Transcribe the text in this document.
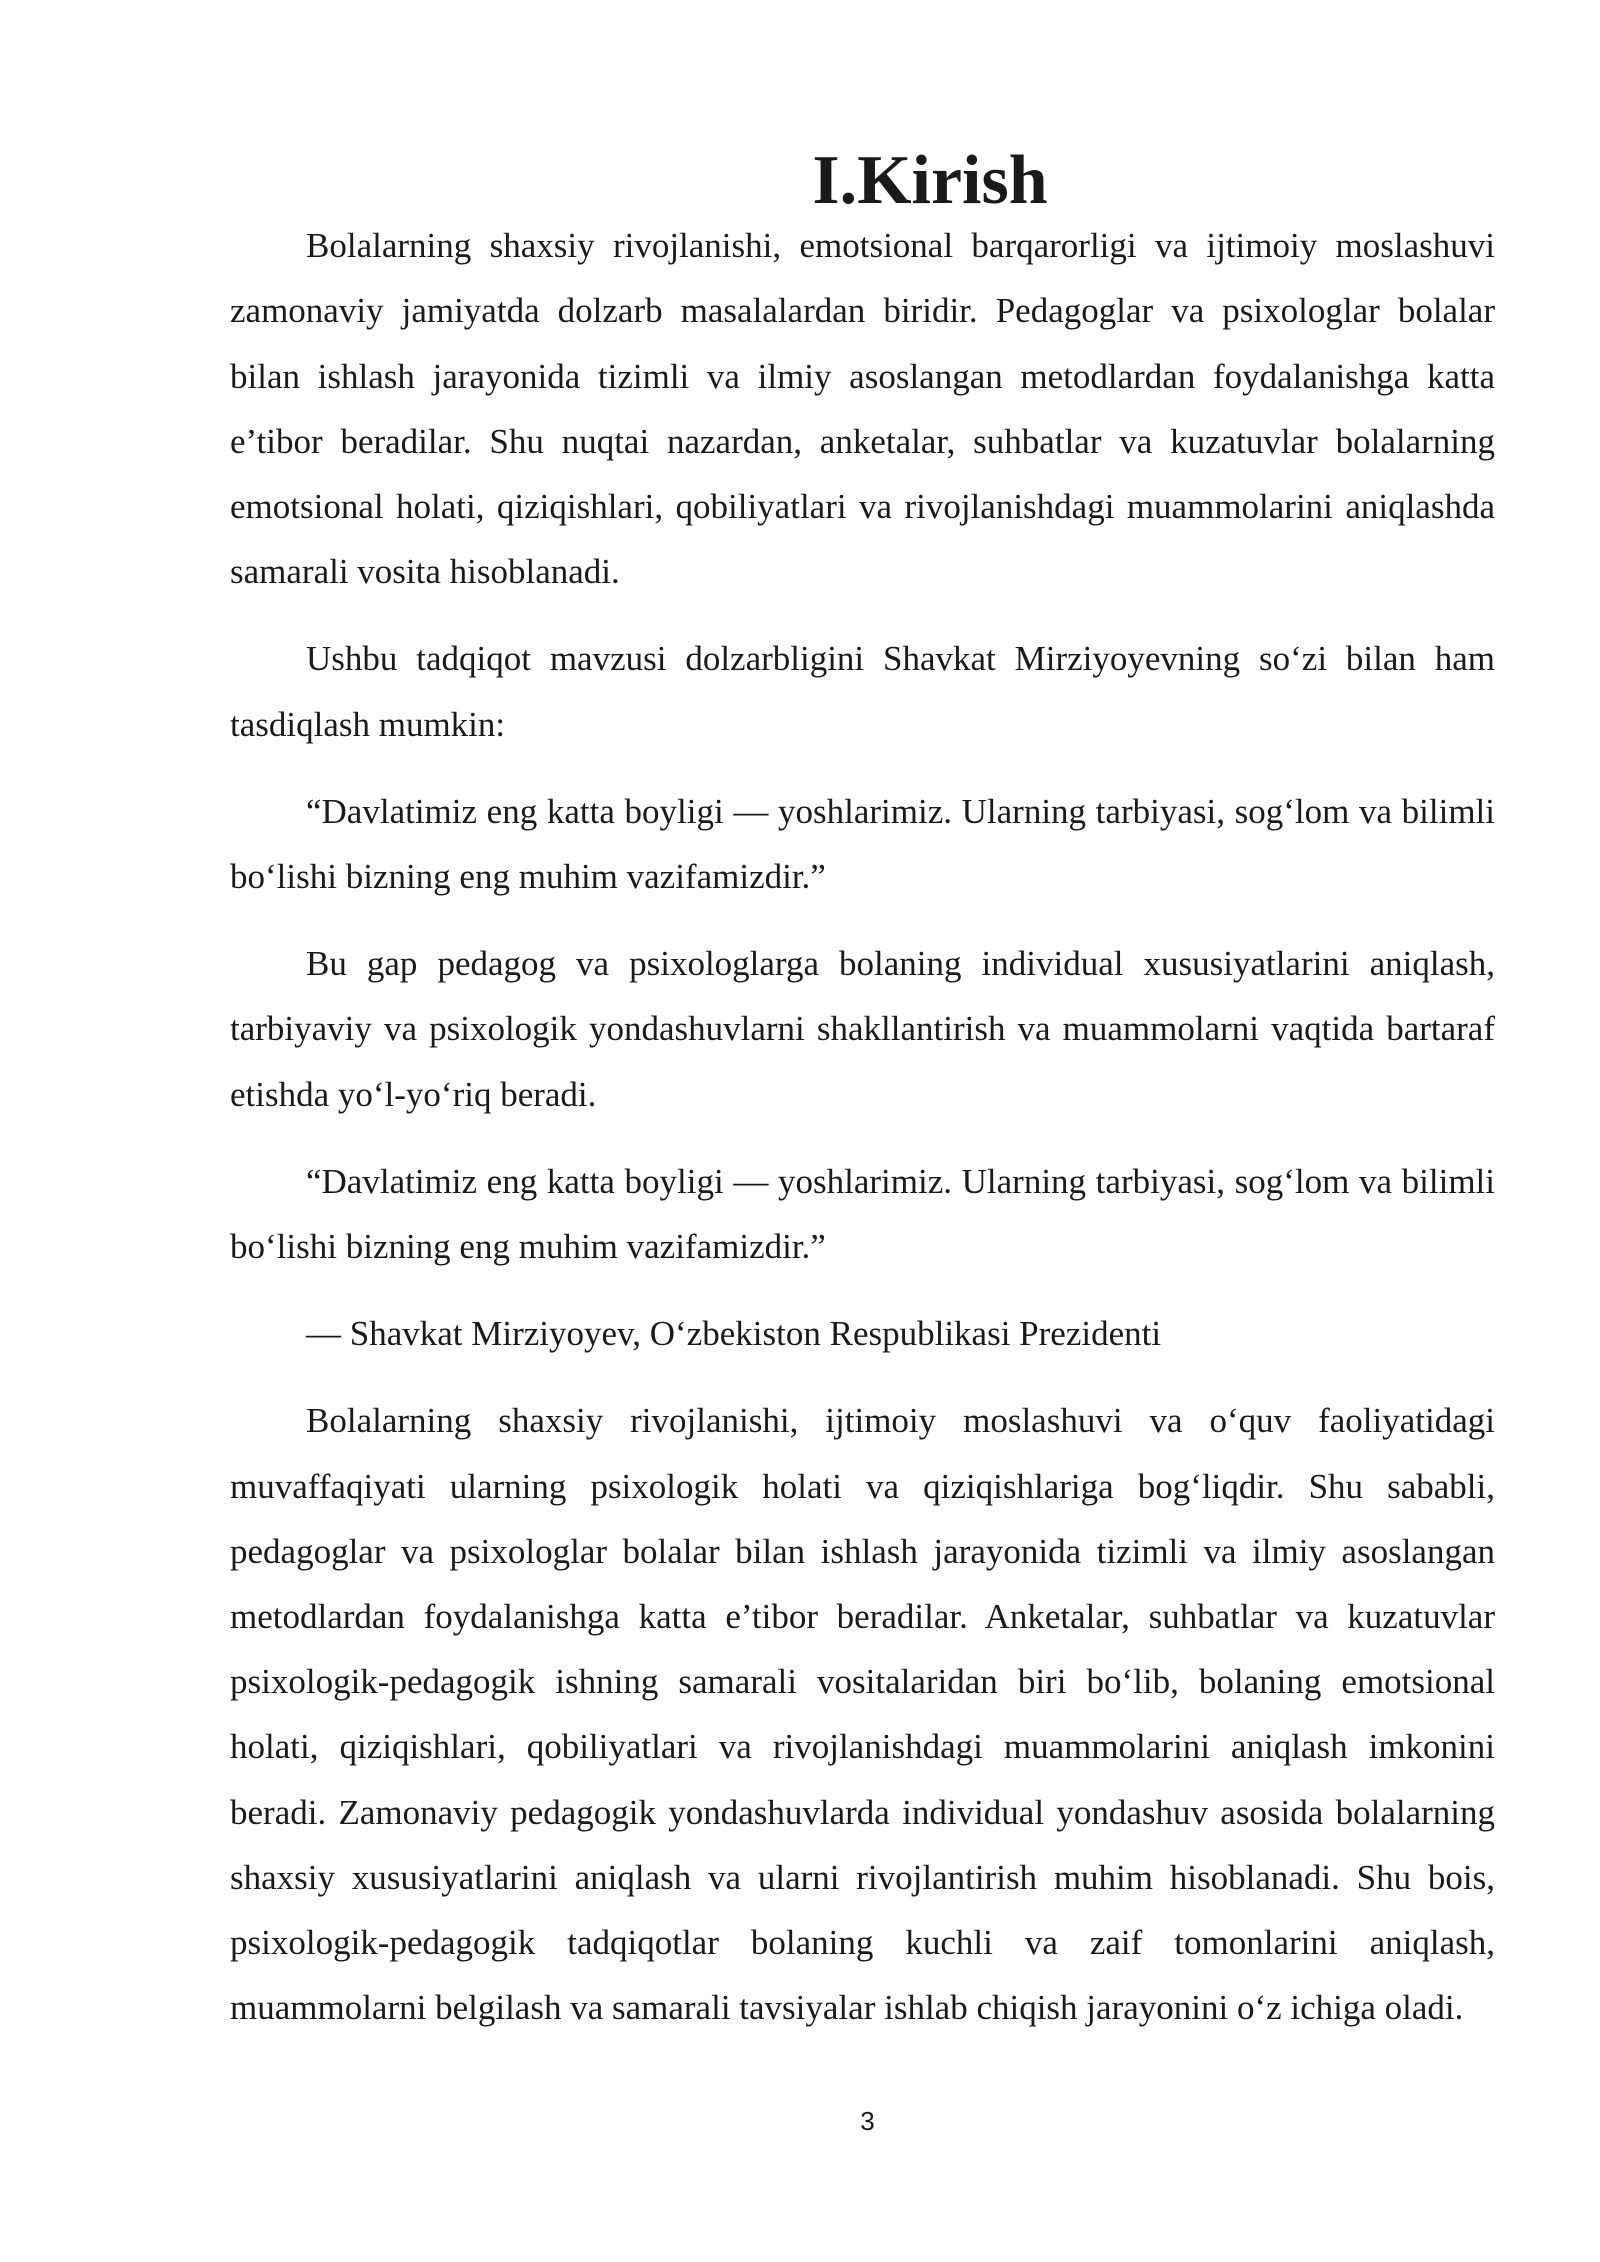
I.Kirish

Bolalarning shaxsiy rivojlanishi, emotsional barqarorligi va ijtimoiy moslashuvi zamonaviy jamiyatda dolzarb masalalardan biridir. Pedagoglar va psixologlar bolalar bilan ishlash jarayonida tizimli va ilmiy asoslangan metodlardan foydalanishga katta e’tibor beradilar. Shu nuqtai nazardan, anketalar, suhbatlar va kuzatuvlar bolalarning emotsional holati, qiziqishlari, qobiliyatlari va rivojlanishdagi muammolarini aniqlashda samarali vosita hisoblanadi.

Ushbu tadqiqot mavzusi dolzarbligini Shavkat Mirziyoyevning so‘zi bilan ham tasdiqlash mumkin:

“Davlatimiz eng katta boyligi — yoshlarimiz. Ularning tarbiyasi, sog‘lom va bilimli bo‘lishi bizning eng muhim vazifamizdir.”

Bu gap pedagog va psixologlarga bolaning individual xususiyatlarini aniqlash, tarbiyaviy va psixologik yondashuvlarni shakllantirish va muammolarni vaqtida bartaraf etishda yo‘l-yo‘riq beradi.

“Davlatimiz eng katta boyligi — yoshlarimiz. Ularning tarbiyasi, sog‘lom va bilimli bo‘lishi bizning eng muhim vazifamizdir.”

— Shavkat Mirziyoyev, O‘zbekiston Respublikasi Prezidenti

Bolalarning shaxsiy rivojlanishi, ijtimoiy moslashuvi va o‘quv faoliyatidagi muvaffaqiyati ularning psixologik holati va qiziqishlariga bog‘liqdir. Shu sababli, pedagoglar va psixologlar bolalar bilan ishlash jarayonida tizimli va ilmiy asoslangan metodlardan foydalanishga katta e’tibor beradilar. Anketalar, suhbatlar va kuzatuvlar psixologik-pedagogik ishning samarali vositalaridan biri bo‘lib, bolaning emotsional holati, qiziqishlari, qobiliyatlari va rivojlanishdagi muammolarini aniqlash imkonini beradi. Zamonaviy pedagogik yondashuvlarda individual yondashuv asosida bolalarning shaxsiy xususiyatlarini aniqlash va ularni rivojlantirish muhim hisoblanadi. Shu bois, psixologik-pedagogik tadqiqotlar bolaning kuchli va zaif tomonlarini aniqlash, muammolarni belgilash va samarali tavsiyalar ishlab chiqish jarayonini o‘z ichiga oladi.

3
